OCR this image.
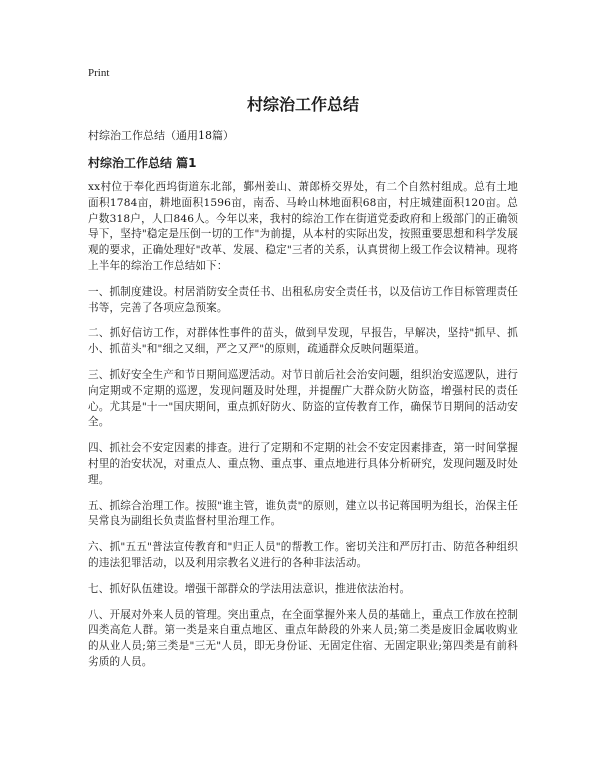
Print
村综治工作总结
村综治工作总结（通用18篇）
村综治工作总结 篇1

xx村位于奉化西坞街道东北部，鄞州姜山、萧郎桥交界处，有二个自然村组成。总有土地面积1784亩，耕地面积1596亩，南岙、马岭山林地面积68亩，村庄城建面积120亩。总户数318户，人口846人。今年以来，我村的综治工作在街道党委政府和上级部门的正确领导下，坚持"稳定是压倒一切的工作"为前提，从本村的实际出发，按照重要思想和科学发展观的要求，正确处理好"改革、发展、稳定"三者的关系，认真贯彻上级工作会议精神。现将上半年的综治工作总结如下：

一、抓制度建设。村居消防安全责任书、出租私房安全责任书，以及信访工作目标管理责任书等，完善了各项应急预案。

二、抓好信访工作，对群体性事件的苗头，做到早发现，早报告，早解决，坚持"抓早、抓小、抓苗头"和"细之又细，严之又严"的原则，疏通群众反映问题渠道。

三、抓好安全生产和节日期间巡逻活动。对节日前后社会治安问题，组织治安巡逻队，进行向定期或不定期的巡逻，发现问题及时处理，并提醒广大群众防火防盗，增强村民的责任心。尤其是"十一"国庆期间，重点抓好防火、防盗的宣传教育工作，确保节日期间的活动安全。

四、抓社会不安定因素的排查。进行了定期和不定期的社会不安定因素排查，第一时间掌握村里的治安状况，对重点人、重点物、重点事、重点地进行具体分析研究，发现问题及时处理。

五、抓综合治理工作。按照"谁主管，谁负责"的原则，建立以书记蒋国明为组长，治保主任吴常良为副组长负责监督村里治理工作。

六、抓"五五"普法宣传教育和"归正人员"的帮教工作。密切关注和严厉打击、防范各种组织的违法犯罪活动，以及利用宗教名义进行的各种非法活动。

七、抓好队伍建设。增强干部群众的学法用法意识，推进依法治村。

八、开展对外来人员的管理。突出重点，在全面掌握外来人员的基础上，重点工作放在控制四类高危人群。第一类是来自重点地区、重点年龄段的外来人员;第二类是废旧金属收购业的从业人员;第三类是"三无"人员，即无身份证、无固定住宿、无固定职业;第四类是有前科劣质的人员。
